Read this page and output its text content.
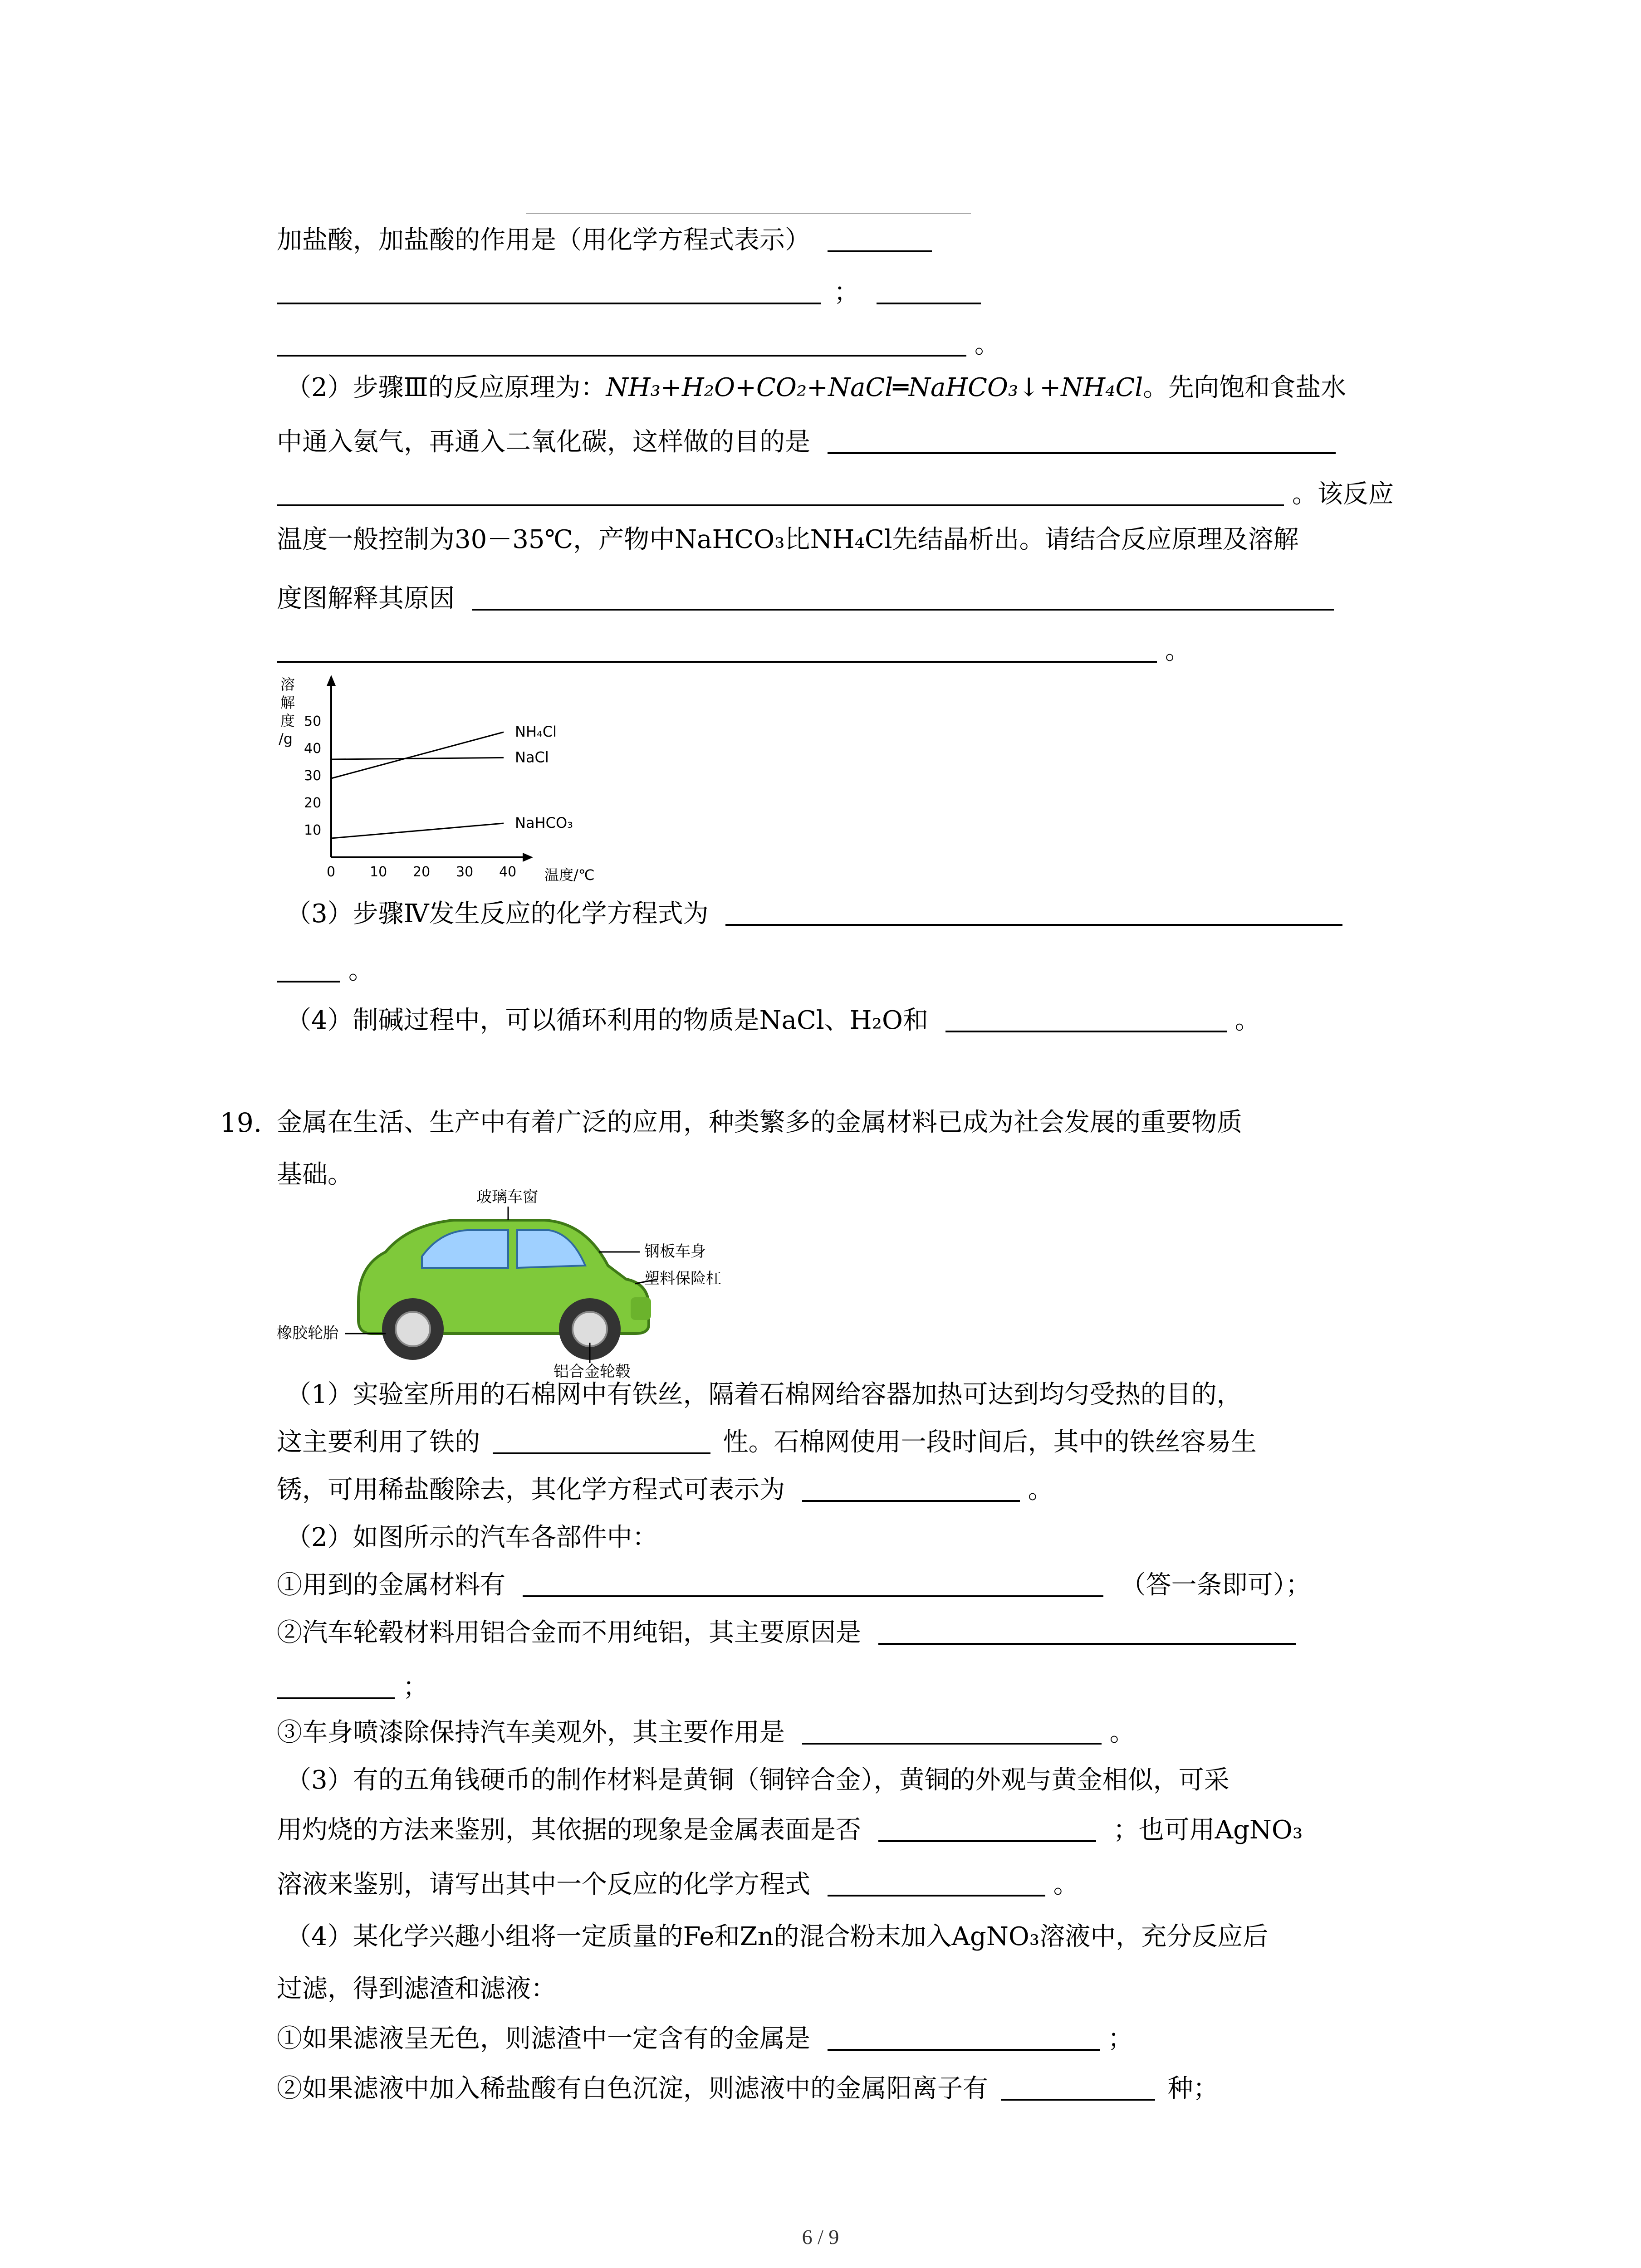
加盐酸，加盐酸的作用是（用化学方程式表示）
；
。
（2）步骤Ⅲ的反应原理为：NH₃+H₂O+CO₂+NaCl═NaHCO₃↓+NH₄Cl。先向饱和食盐水
中通入氨气，再通入二氧化碳，这样做的目的是
。该反应
温度一般控制为30－35℃，产物中NaHCO₃比NH₄Cl先结晶析出。请结合反应原理及溶解
度图解释其原因
。
溶
解
度
/g
0	10 20 30 40
10
20
30
40
50
NH₄Cl
NaCl
NaHCO₃
温度/℃
（3）步骤Ⅳ发生反应的化学方程式为
。
（4）制碱过程中，可以循环利用的物质是NaCl、H₂O和	。
19. 金属在生活、生产中有着广泛的应用，种类繁多的金属材料已成为社会发展的重要物质
基础。
玻璃车窗
钢板车身
塑料保险杠
橡胶轮胎
铝合金轮毂
（1）实验室所用的石棉网中有铁丝，隔着石棉网给容器加热可达到均匀受热的目的，
这主要利用了铁的	性。石棉网使用一段时间后，其中的铁丝容易生
锈，可用稀盐酸除去，其化学方程式可表示为	。
（2）如图所示的汽车各部件中：
①用到的金属材料有	（答一条即可）；
②汽车轮毂材料用铝合金而不用纯铝，其主要原因是
；
③车身喷漆除保持汽车美观外，其主要作用是	。
（3）有的五角钱硬币的制作材料是黄铜（铜锌合金），黄铜的外观与黄金相似，可采
用灼烧的方法来鉴别，其依据的现象是金属表面是否	；也可用AgNO₃
溶液来鉴别，请写出其中一个反应的化学方程式	。
（4）某化学兴趣小组将一定质量的Fe和Zn的混合粉末加入AgNO₃溶液中，充分反应后
过滤，得到滤渣和滤液：
①如果滤液呈无色，则滤渣中一定含有的金属是	；
②如果滤液中加入稀盐酸有白色沉淀，则滤液中的金属阳离子有	种；
6 / 9
